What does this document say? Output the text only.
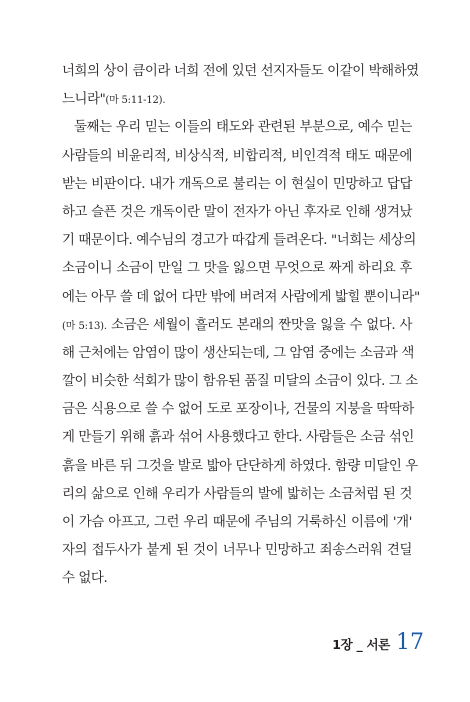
너희의 상이 큼이라 너희 전에 있던 선지자들도 이같이 박해하였
느니라"(마 5:11-12).
둘째는 우리 믿는 이들의 태도와 관련된 부분으로, 예수 믿는
사람들의 비윤리적, 비상식적, 비합리적, 비인격적 태도 때문에
받는 비판이다. 내가 개독으로 불리는 이 현실이 민망하고 답답
하고 슬픈 것은 개독이란 말이 전자가 아닌 후자로 인해 생겨났
기 때문이다. 예수님의 경고가 따갑게 들려온다. "너희는 세상의
소금이니 소금이 만일 그 맛을 잃으면 무엇으로 짜게 하리요 후
에는 아무 쓸 데 없어 다만 밖에 버려져 사람에게 밟힐 뿐이니라"
(마 5:13). 소금은 세월이 흘러도 본래의 짠맛을 잃을 수 없다. 사
해 근처에는 암염이 많이 생산되는데, 그 암염 중에는 소금과 색
깔이 비슷한 석회가 많이 함유된 품질 미달의 소금이 있다. 그 소
금은 식용으로 쓸 수 없어 도로 포장이나, 건물의 지붕을 딱딱하
게 만들기 위해 흙과 섞어 사용했다고 한다. 사람들은 소금 섞인
흙을 바른 뒤 그것을 발로 밟아 단단하게 하였다. 함량 미달인 우
리의 삶으로 인해 우리가 사람들의 발에 밟히는 소금처럼 된 것
이 가슴 아프고, 그런 우리 때문에 주님의 거룩하신 이름에 '개'
자의 접두사가 붙게 된 것이 너무나 민망하고 죄송스러워 견딜
수 없다.
1장 _ 서론 17
